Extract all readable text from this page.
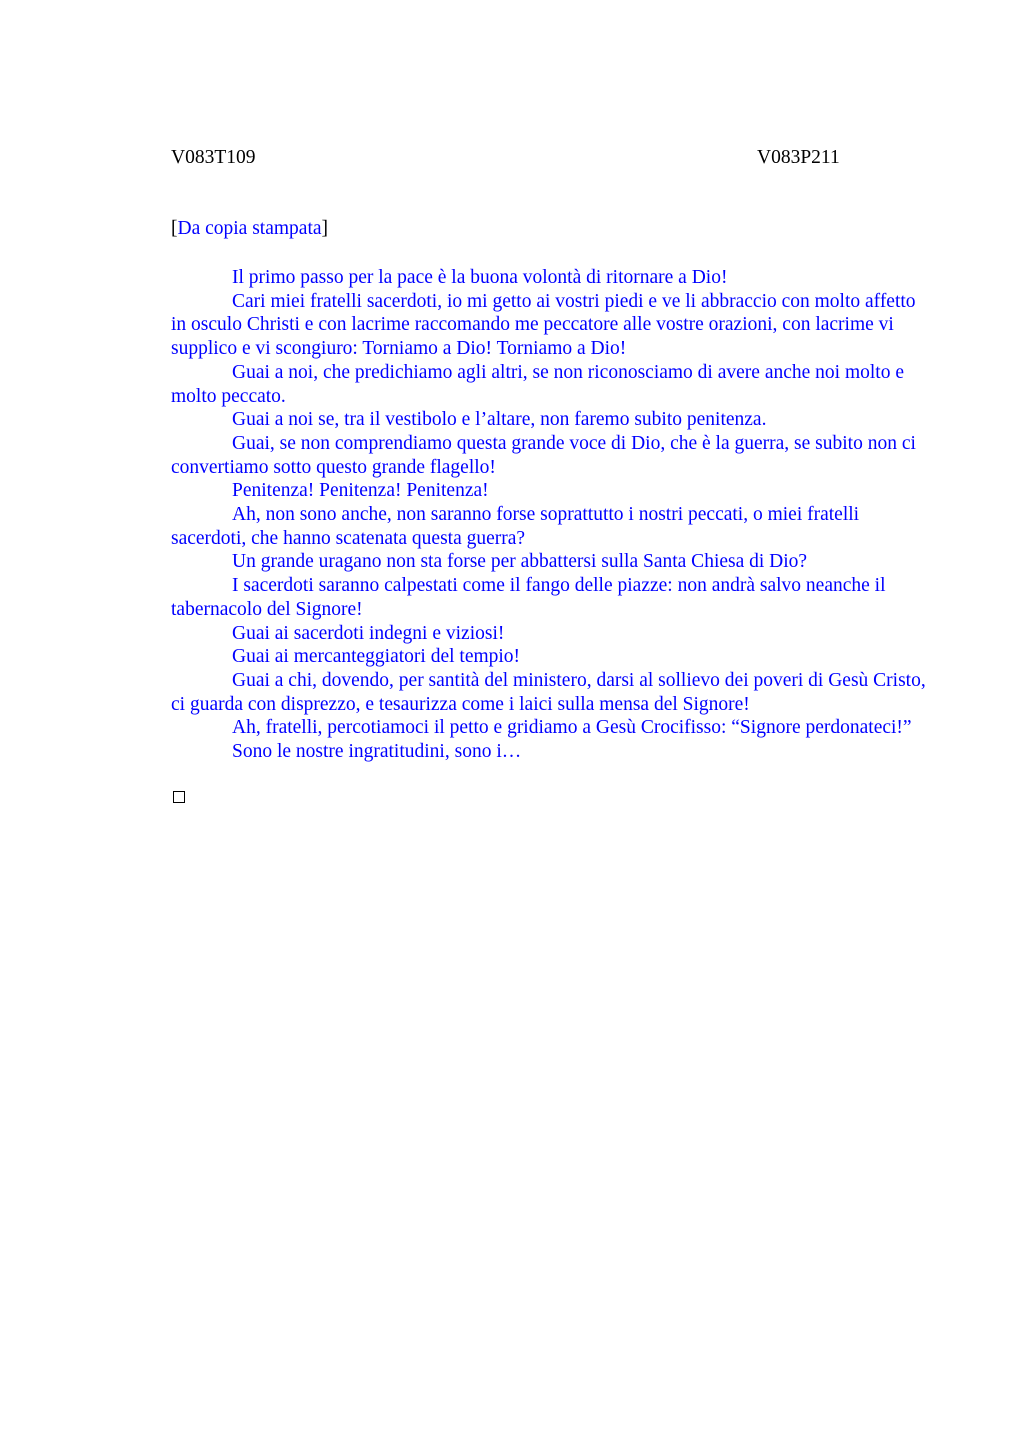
V083T109	V083P211
[Da copia stampata]

Il primo passo per la pace è la buona volontà di ritornare a Dio!

Cari miei fratelli sacerdoti, io mi getto ai vostri piedi e ve li abbraccio con molto affetto in osculo Christi e con lacrime raccomando me peccatore alle vostre orazioni, con lacrime vi supplico e vi scongiuro: Torniamo a Dio! Torniamo a Dio!

Guai a noi, che predichiamo agli altri, se non riconosciamo di avere anche noi molto e molto peccato.

Guai a noi se, tra il vestibolo e l’altare, non faremo subito penitenza.

Guai, se non comprendiamo questa grande voce di Dio, che è la guerra, se subito non ci convertiamo sotto questo grande flagello!

Penitenza! Penitenza! Penitenza!

Ah, non sono anche, non saranno forse soprattutto i nostri peccati, o miei fratelli sacerdoti, che hanno scatenata questa guerra?

Un grande uragano non sta forse per abbattersi sulla Santa Chiesa di Dio?

I sacerdoti saranno calpestati come il fango delle piazze: non andrà salvo neanche il tabernacolo del Signore!

Guai ai sacerdoti indegni e viziosi!

Guai ai mercanteggiatori del tempio!

Guai a chi, dovendo, per santità del ministero, darsi al sollievo dei poveri di Gesù Cristo, ci guarda con disprezzo, e tesaurizza come i laici sulla mensa del Signore!

Ah, fratelli, percotiamoci il petto e gridiamo a Gesù Crocifisso: “Signore perdonateci!”

Sono le nostre ingratitudini, sono i…
